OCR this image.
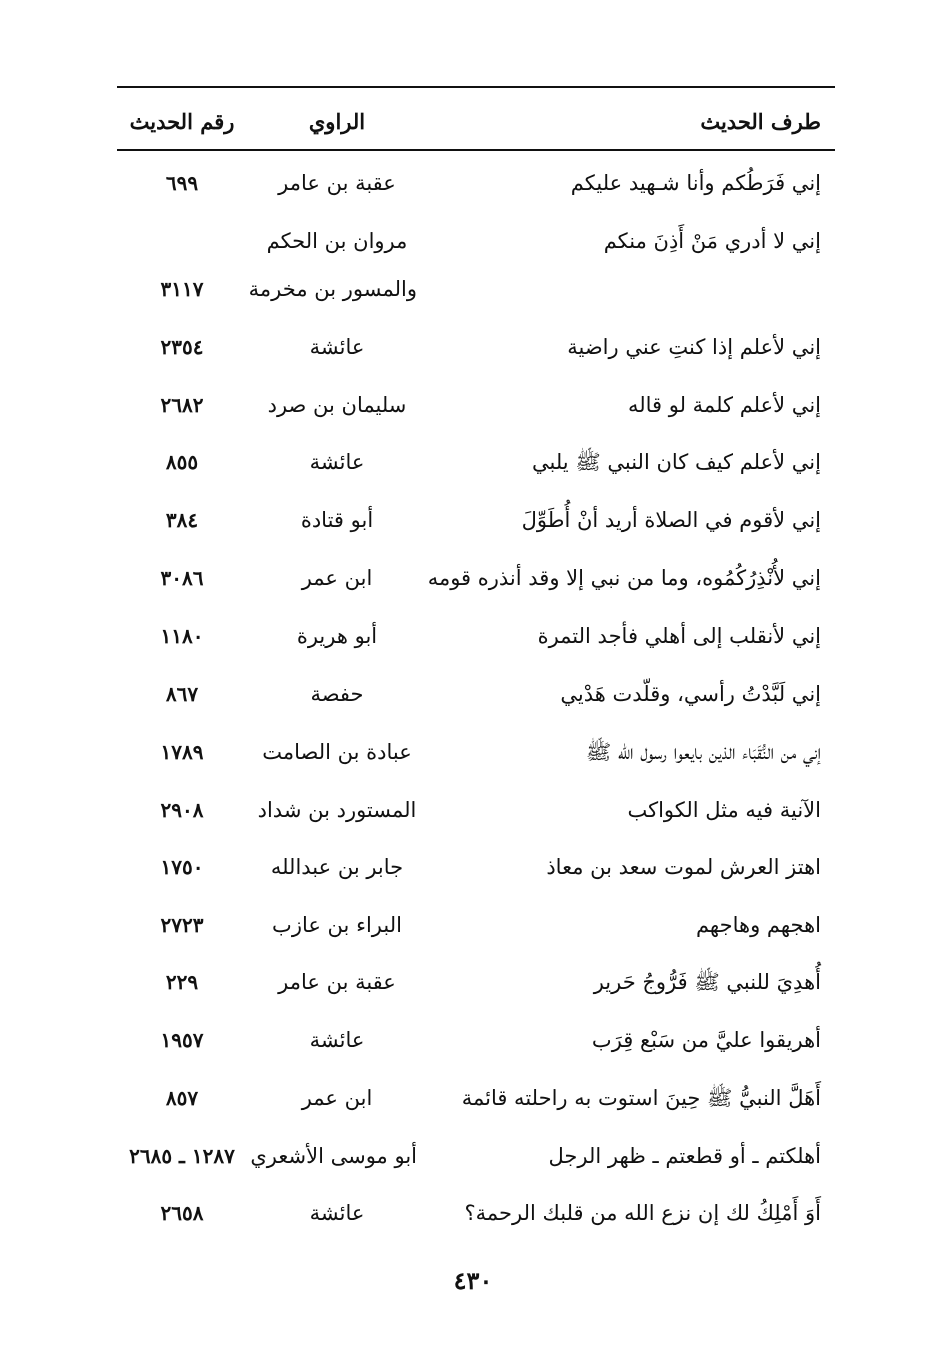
طرف الحديث
الراوي
رقم الحديث
إني فَرَطُكم وأنا شـهيد عليكم
عقبة بن عامر
٦٩٩
إني لا أدري مَنْ أَذِنَ منكم
مروان بن الحكم
والمسور بن مخرمة
٣١١٧
إني لأعلم إذا كنتِ عني راضية
عائشة
٢٣٥٤
إني لأعلم كلمة لو قاله
سليمان بن صرد
٢٦٨٢
إني لأعلم كيف كان النبي ﷺ يلبي
عائشة
٨٥٥
إني لأقوم في الصلاة أريد أنْ أُطَوِّلَ
أبو قتادة
٣٨٤
إني لأُنْذِرُكُمُوه، وما من نبي إلا وقد أنذره قومه
ابن عمر
٣٠٨٦
إني لأنقلب إلى أهلي فأجد التمرة
أبو هريرة
١١٨٠
إني لَبَّدْتُ رأسي، وقلّدت هَدْيي
حفصة
٨٦٧
إني من النُّقَبَاء الذين بايعوا رسول الله ﷺ
عبادة بن الصامت
١٧٨٩
الآنية فيه مثل الكواكب
المستورد بن شداد
٢٩٠٨
اهتز العرش لموت سعد بن معاذ
جابر بن عبدالله
١٧٥٠
اهجهم وهاجهم
البراء بن عازب
٢٧٢٣
أُهدِيَ للنبي ﷺ فَرُّوجُ حَرير
عقبة بن عامر
٢٢٩
أهريقوا عليَّ من سَبْع قِرَب
عائشة
١٩٥٧
أَهَلَّ النبيُّ ﷺ حِينَ استوت به راحلته قائمة
ابن عمر
٨٥٧
أهلكتم ـ أو قطعتم ـ ظهر الرجل
أبو موسى الأشعري
١٢٨٧ ـ ٢٦٨٥
أَوَ أَمْلِكُ لك إن نزع الله من قلبك الرحمة؟
عائشة
٢٦٥٨
٤٣٠
